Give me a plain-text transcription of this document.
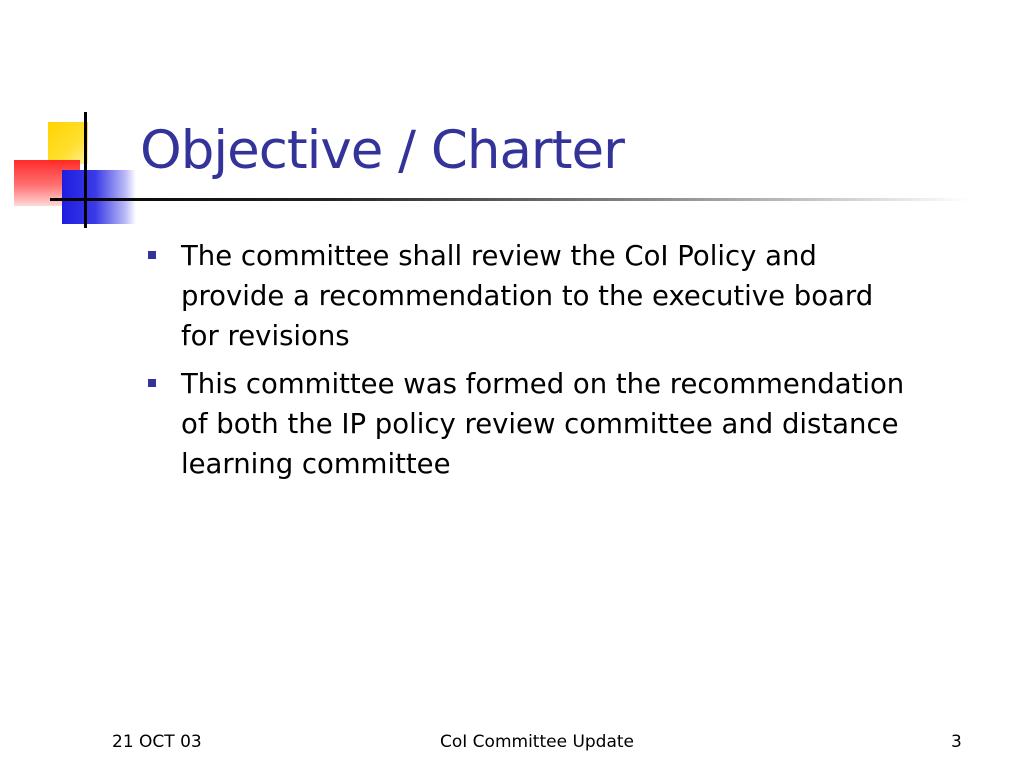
Objective / Charter
The committee shall review the CoI Policy and provide a recommendation to the executive board for revisions
This committee was formed on the recommendation of both the IP policy review committee and distance learning committee
21 OCT 03	CoI Committee Update	3
